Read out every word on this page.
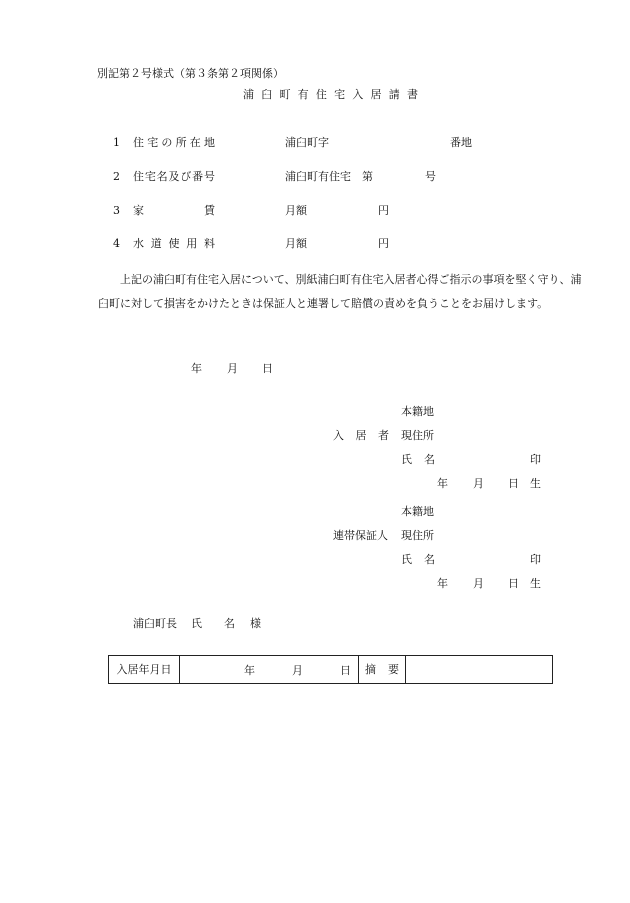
別記第２号様式（第３条第２項関係）
浦 臼 町 有 住 宅 入 居 請 書
1 住 宅 の 所 在 地	浦臼町字	番地
2 住 宅 名 及 び 番 号	浦臼町有住宅　第	号
3 家	賃	月額	円
4 水 道 使 用 料	月額	円

上記の浦臼町有住宅入居について、別紙浦臼町有住宅入居者心得ご指示の事項を堅く守り、浦臼町に対して損害をかけたときは保証人と連署して賠償の責めを負うことをお届けします。

年 月 日
本籍地
入 居 者 現住所
氏 名	印
年 月 日 生
本籍地
連帯保証人 現住所
氏 名	印
年 月 日 生
浦臼町長 氏 名 様
入居年月日	年	月	日	摘 要
